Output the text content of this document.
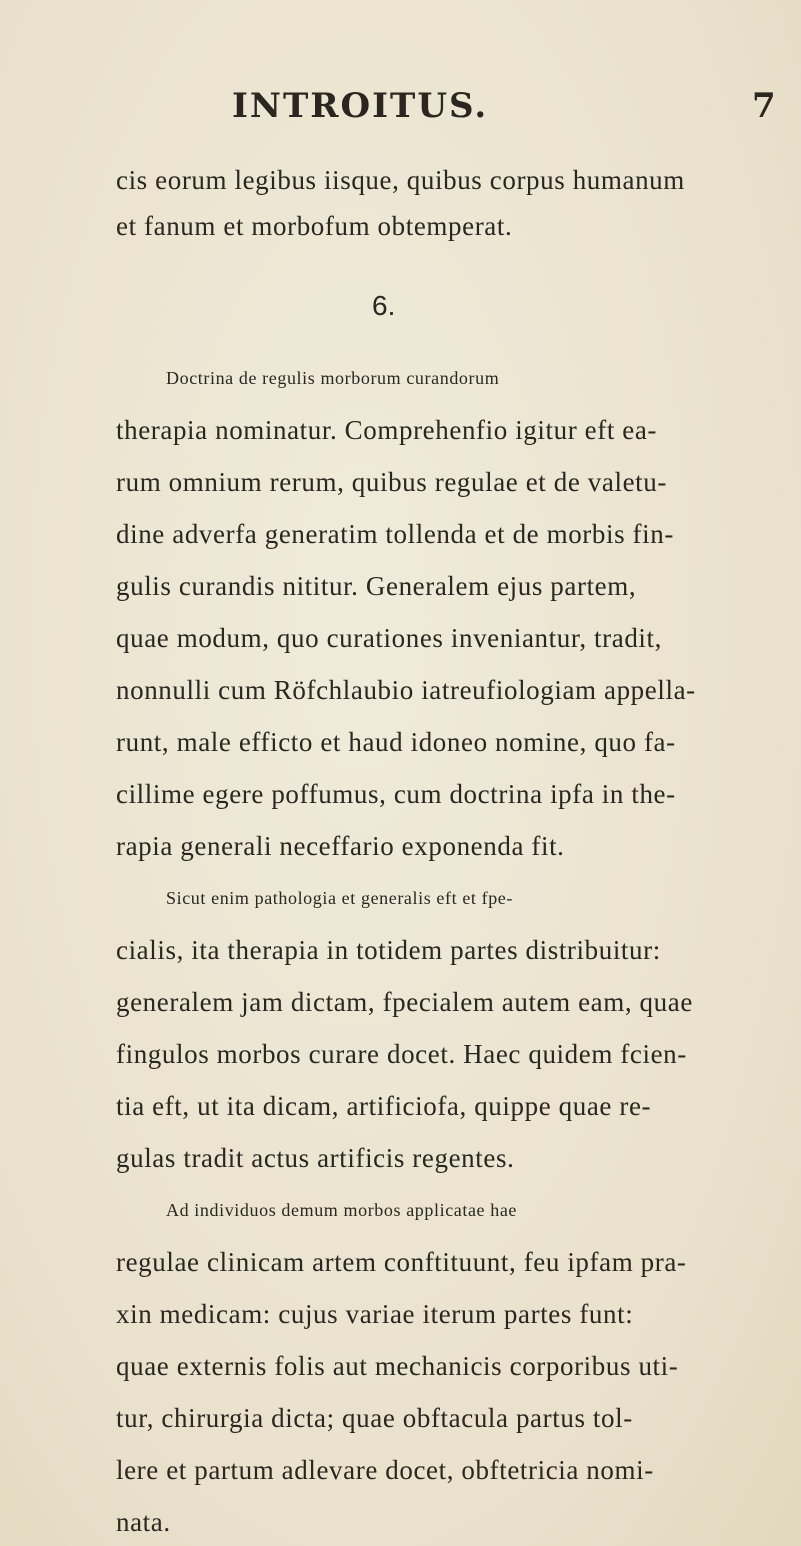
INTROITUS.	7
cis eorum legibus iisque, quibus corpus humanum
et fanum et morbofum obtemperat.
6.
Doctrina de regulis morborum curandorum
therapia nominatur. Comprehenfio igitur eft ea-
rum omnium rerum, quibus regulae et de valetu-
dine adverfa generatim tollenda et de morbis fin-
gulis curandis nititur. Generalem ejus partem,
quae modum, quo curationes inveniantur, tradit,
nonnulli cum Röfchlaubio iatreufiologiam appella-
runt, male efficto et haud idoneo nomine, quo fa-
cillime egere poffumus, cum doctrina ipfa in the-
rapia generali neceffario exponenda fit.
Sicut enim pathologia et generalis eft et fpe-
cialis, ita therapia in totidem partes distribuitur:
generalem jam dictam, fpecialem autem eam, quae
fingulos morbos curare docet. Haec quidem fcien-
tia eft, ut ita dicam, artificiofa, quippe quae re-
gulas tradit actus artificis regentes.
Ad individuos demum morbos applicatae hae
regulae clinicam artem conftituunt, feu ipfam pra-
xin medicam: cujus variae iterum partes funt:
quae externis folis aut mechanicis corporibus uti-
tur, chirurgia dicta; quae obftacula partus tol-
lere et partum adlevare docet, obftetricia nomi-
nata.
